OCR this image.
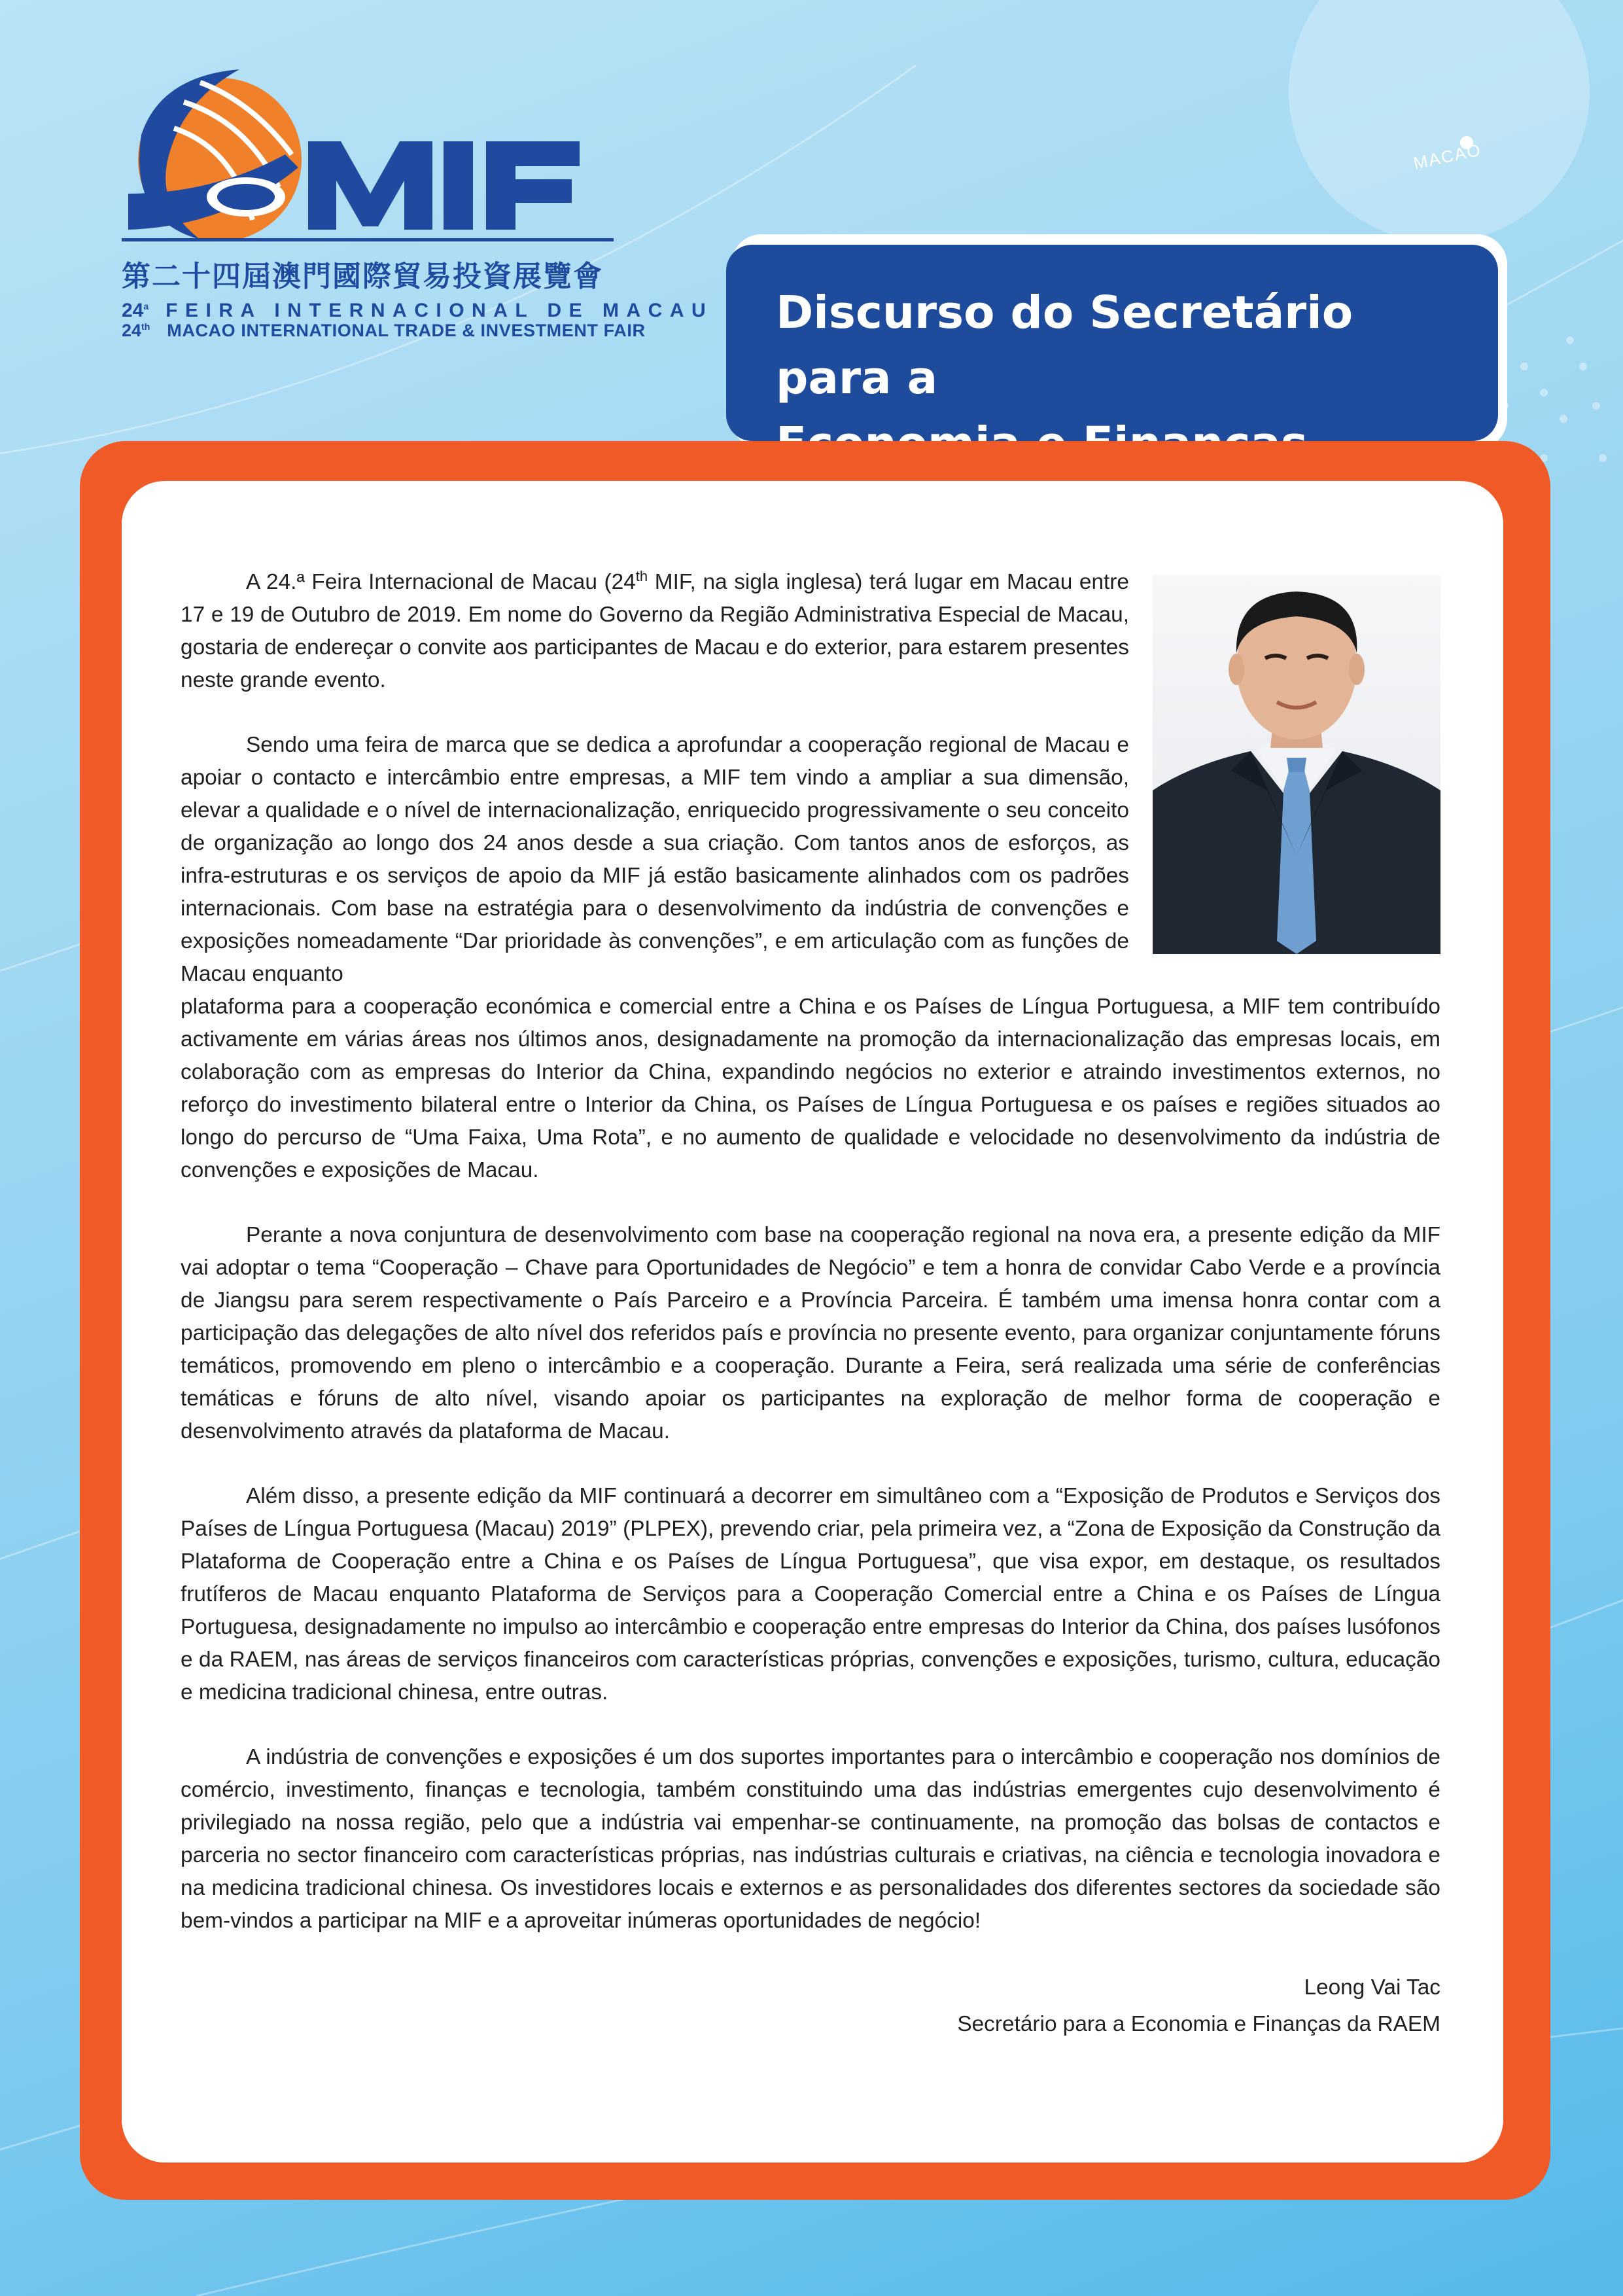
第二十四屆澳門國際貿易投資展覽會
24$^a$ FEIRA INTERNACIONAL DE MACAU
24th MACAO INTERNATIONAL TRADE & INVESTMENT FAIR
MACAO
Discurso do Secretário para a

A 24.ª Feira Internacional de Macau (24th MIF, na sigla inglesa) terá lugar em Macau entre 17 e 19 de Outubro de 2019. Em nome do Governo da Região Administrativa Especial de Macau, gostaria de endereçar o convite aos participantes de Macau e do exterior, para estarem presentes neste grande evento.

Sendo uma feira de marca que se dedica a aprofundar a cooperação regional de Macau e apoiar o contacto e intercâmbio entre empresas, a MIF tem vindo a ampliar a sua dimensão, elevar a qualidade e o nível de internacionalização, enriquecido progressivamente o seu conceito de organização ao longo dos 24 anos desde a sua criação. Com tantos anos de esforços, as infra-estruturas e os serviços de apoio da MIF já estão basicamente alinhados com os padrões internacionais. Com base na estratégia para o desenvolvimento da indústria de convenções e exposições nomeadamente “Dar prioridade às convenções”, e em articulação com as funções de Macau enquanto

plataforma para a cooperação económica e comercial entre a China e os Países de Língua Portuguesa, a MIF tem contribuído activamente em várias áreas nos últimos anos, designadamente na promoção da internacionalização das empresas locais, em colaboração com as empresas do Interior da China, expandindo negócios no exterior e atraindo investimentos externos, no reforço do investimento bilateral entre o Interior da China, os Países de Língua Portuguesa e os países e regiões situados ao longo do percurso de “Uma Faixa, Uma Rota”, e no aumento de qualidade e velocidade no desenvolvimento da indústria de convenções e exposições de Macau.

Perante a nova conjuntura de desenvolvimento com base na cooperação regional na nova era, a presente edição da MIF vai adoptar o tema “Cooperação – Chave para Oportunidades de Negócio” e tem a honra de convidar Cabo Verde e a província de Jiangsu para serem respectivamente o País Parceiro e a Província Parceira. É também uma imensa honra contar com a participação das delegações de alto nível dos referidos país e província no presente evento, para organizar conjuntamente fóruns temáticos, promovendo em pleno o intercâmbio e a cooperação. Durante a Feira, será realizada uma série de conferências temáticas e fóruns de alto nível, visando apoiar os participantes na exploração de melhor forma de cooperação e desenvolvimento através da plataforma de Macau.

Além disso, a presente edição da MIF continuará a decorrer em simultâneo com a “Exposição de Produtos e Serviços dos Países de Língua Portuguesa (Macau) 2019” (PLPEX), prevendo criar, pela primeira vez, a “Zona de Exposição da Construção da Plataforma de Cooperação entre a China e os Países de Língua Portuguesa”, que visa expor, em destaque, os resultados frutíferos de Macau enquanto Plataforma de Serviços para a Cooperação Comercial entre a China e os Países de Língua Portuguesa, designadamente no impulso ao intercâmbio e cooperação entre empresas do Interior da China, dos países lusófonos e da RAEM, nas áreas de serviços financeiros com características próprias, convenções e exposições, turismo, cultura, educação e medicina tradicional chinesa, entre outras.

A indústria de convenções e exposições é um dos suportes importantes para o intercâmbio e cooperação nos domínios de comércio, investimento, finanças e tecnologia, também constituindo uma das indústrias emergentes cujo desenvolvimento é privilegiado na nossa região, pelo que a indústria vai empenhar-se continuamente, na promoção das bolsas de contactos e parceria no sector financeiro com características próprias, nas indústrias culturais e criativas, na ciência e tecnologia inovadora e na medicina tradicional chinesa. Os investidores locais e externos e as personalidades dos diferentes sectores da sociedade são bem-vindos a participar na MIF e a aproveitar inúmeras oportunidades de negócio!

Leong Vai Tac
Secretário para a Economia e Finanças da RAEM
